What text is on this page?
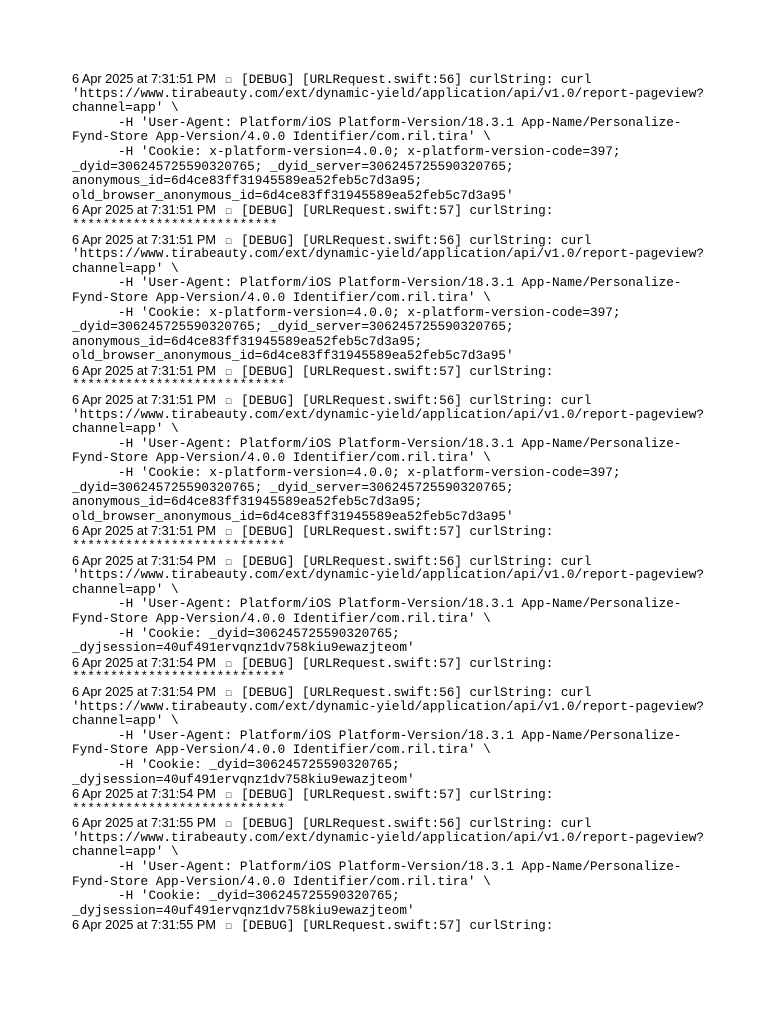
6 Apr 2025 at 7:31:51 PM □ [DEBUG] [URLRequest.swift:56] curlString: curl
'https://www.tirabeauty.com/ext/dynamic-yield/application/api/v1.0/report-pageview?
channel=app' \
-H 'User-Agent: Platform/iOS Platform-Version/18.3.1 App-Name/Personalize-
Fynd-Store App-Version/4.0.0 Identifier/com.ril.tira' \
-H 'Cookie: x-platform-version=4.0.0; x-platform-version-code=397;
_dyid=306245725590320765; _dyid_server=306245725590320765;
anonymous_id=6d4ce83ff31945589ea52feb5c7d3a95;
old_browser_anonymous_id=6d4ce83ff31945589ea52feb5c7d3a95'
6 Apr 2025 at 7:31:51 PM □ [DEBUG] [URLRequest.swift:57] curlString:
***************************
6 Apr 2025 at 7:31:51 PM □ [DEBUG] [URLRequest.swift:56] curlString: curl
'https://www.tirabeauty.com/ext/dynamic-yield/application/api/v1.0/report-pageview?
channel=app' \
-H 'User-Agent: Platform/iOS Platform-Version/18.3.1 App-Name/Personalize-
Fynd-Store App-Version/4.0.0 Identifier/com.ril.tira' \
-H 'Cookie: x-platform-version=4.0.0; x-platform-version-code=397;
_dyid=306245725590320765; _dyid_server=306245725590320765;
anonymous_id=6d4ce83ff31945589ea52feb5c7d3a95;
old_browser_anonymous_id=6d4ce83ff31945589ea52feb5c7d3a95'
6 Apr 2025 at 7:31:51 PM □ [DEBUG] [URLRequest.swift:57] curlString:
****************************
6 Apr 2025 at 7:31:51 PM □ [DEBUG] [URLRequest.swift:56] curlString: curl
'https://www.tirabeauty.com/ext/dynamic-yield/application/api/v1.0/report-pageview?
channel=app' \
-H 'User-Agent: Platform/iOS Platform-Version/18.3.1 App-Name/Personalize-
Fynd-Store App-Version/4.0.0 Identifier/com.ril.tira' \
-H 'Cookie: x-platform-version=4.0.0; x-platform-version-code=397;
_dyid=306245725590320765; _dyid_server=306245725590320765;
anonymous_id=6d4ce83ff31945589ea52feb5c7d3a95;
old_browser_anonymous_id=6d4ce83ff31945589ea52feb5c7d3a95'
6 Apr 2025 at 7:31:51 PM □ [DEBUG] [URLRequest.swift:57] curlString:
****************************
6 Apr 2025 at 7:31:54 PM □ [DEBUG] [URLRequest.swift:56] curlString: curl
'https://www.tirabeauty.com/ext/dynamic-yield/application/api/v1.0/report-pageview?
channel=app' \
-H 'User-Agent: Platform/iOS Platform-Version/18.3.1 App-Name/Personalize-
Fynd-Store App-Version/4.0.0 Identifier/com.ril.tira' \
-H 'Cookie: _dyid=306245725590320765;
_dyjsession=40uf491ervqnz1dv758kiu9ewazjteom'
6 Apr 2025 at 7:31:54 PM □ [DEBUG] [URLRequest.swift:57] curlString:
****************************
6 Apr 2025 at 7:31:54 PM □ [DEBUG] [URLRequest.swift:56] curlString: curl
'https://www.tirabeauty.com/ext/dynamic-yield/application/api/v1.0/report-pageview?
channel=app' \
-H 'User-Agent: Platform/iOS Platform-Version/18.3.1 App-Name/Personalize-
Fynd-Store App-Version/4.0.0 Identifier/com.ril.tira' \
-H 'Cookie: _dyid=306245725590320765;
_dyjsession=40uf491ervqnz1dv758kiu9ewazjteom'
6 Apr 2025 at 7:31:54 PM □ [DEBUG] [URLRequest.swift:57] curlString:
****************************
6 Apr 2025 at 7:31:55 PM □ [DEBUG] [URLRequest.swift:56] curlString: curl
'https://www.tirabeauty.com/ext/dynamic-yield/application/api/v1.0/report-pageview?
channel=app' \
-H 'User-Agent: Platform/iOS Platform-Version/18.3.1 App-Name/Personalize-
Fynd-Store App-Version/4.0.0 Identifier/com.ril.tira' \
-H 'Cookie: _dyid=306245725590320765;
_dyjsession=40uf491ervqnz1dv758kiu9ewazjteom'
6 Apr 2025 at 7:31:55 PM □ [DEBUG] [URLRequest.swift:57] curlString:
